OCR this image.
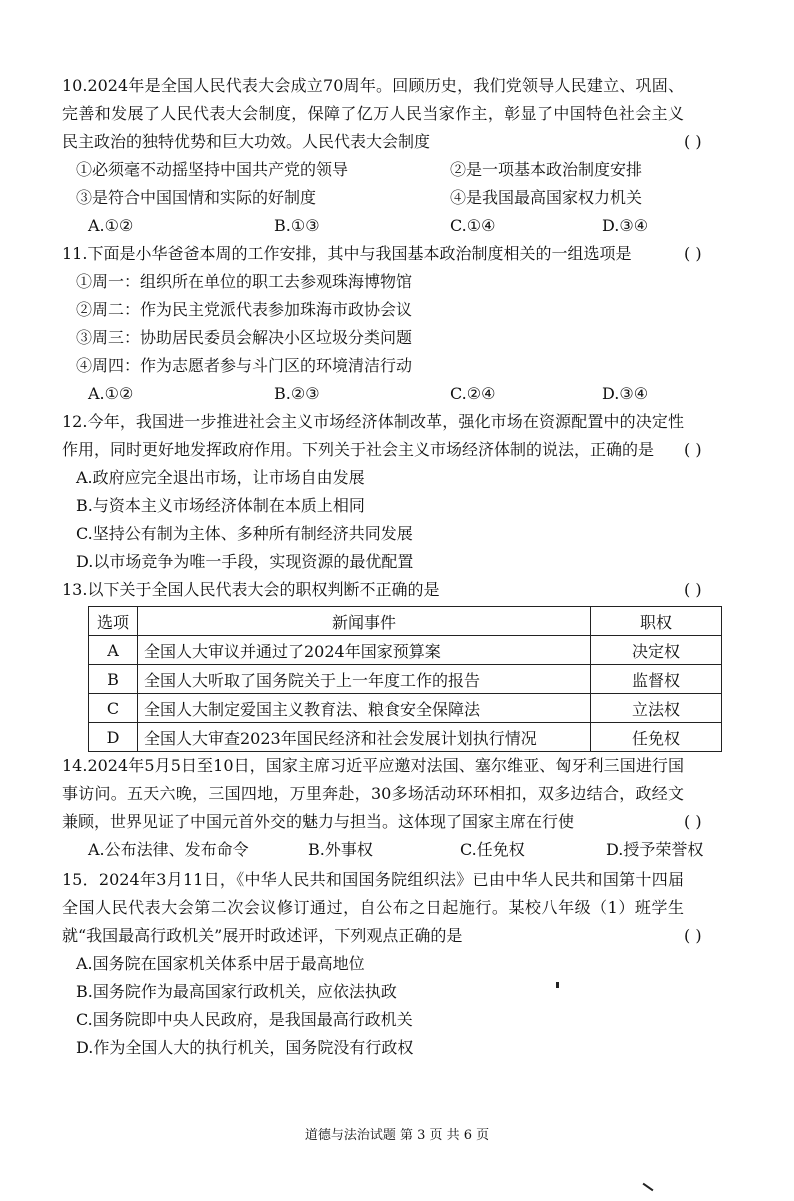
( )
10.2024年是全国人民代表大会成立70周年。回顾历史，我们党领导人民建立、巩固、完善和发展了人民代表大会制度，保障了亿万人民当家作主，彰显了中国特色社会主义民主政治的独特优势和巨大功效。人民代表大会制度

①必须毫不动摇坚持中国共产党的领导	②是一项基本政治制度安排
③是符合中国国情和实际的好制度	④是我国最高国家权力机关
A.①②	B.①③	C.①④	D.③④

( )
11.下面是小华爸爸本周的工作安排，其中与我国基本政治制度相关的一组选项是

①周一：组织所在单位的职工去参观珠海博物馆

②周二：作为民主党派代表参加珠海市政协会议

③周三：协助居民委员会解决小区垃圾分类问题

④周四：作为志愿者参与斗门区的环境清洁行动

A.①②	B.②③	C.②④	D.③④

( )
12.今年，我国进一步推进社会主义市场经济体制改革，强化市场在资源配置中的决定性作用，同时更好地发挥政府作用。下列关于社会主义市场经济体制的说法，正确的是

A.政府应完全退出市场，让市场自由发展

B.与资本主义市场经济体制在本质上相同

C.坚持公有制为主体、多种所有制经济共同发展

D.以市场竞争为唯一手段，实现资源的最优配置

( )
13.以下关于全国人民代表大会的职权判断不正确的是

选项	新闻事件	职权
A	全国人大审议并通过了2024年国家预算案	决定权
B	全国人大听取了国务院关于上一年度工作的报告	监督权
C	全国人大制定爱国主义教育法、粮食安全保障法	立法权
D	全国人大审查2023年国民经济和社会发展计划执行情况	任免权

( )
14.2024年5月5日至10日，国家主席习近平应邀对法国、塞尔维亚、匈牙利三国进行国事访问。五天六晚，三国四地，万里奔赴，30多场活动环环相扣，双多边结合，政经文兼顾，世界见证了中国元首外交的魅力与担当。这体现了国家主席在行使

A.公布法律、发布命令	B.外事权	C.任免权	D.授予荣誉权

( )
15．2024年3月11日，《中华人民共和国国务院组织法》已由中华人民共和国第十四届全国人民代表大会第二次会议修订通过，自公布之日起施行。某校八年级（1）班学生就“我国最高行政机关”展开时政述评，下列观点正确的是

A.国务院在国家机关体系中居于最高地位

B.国务院作为最高国家行政机关，应依法执政

C.国务院即中央人民政府，是我国最高行政机关

D.作为全国人大的执行机关，国务院没有行政权

道德与法治试题 第 3 页 共 6 页
